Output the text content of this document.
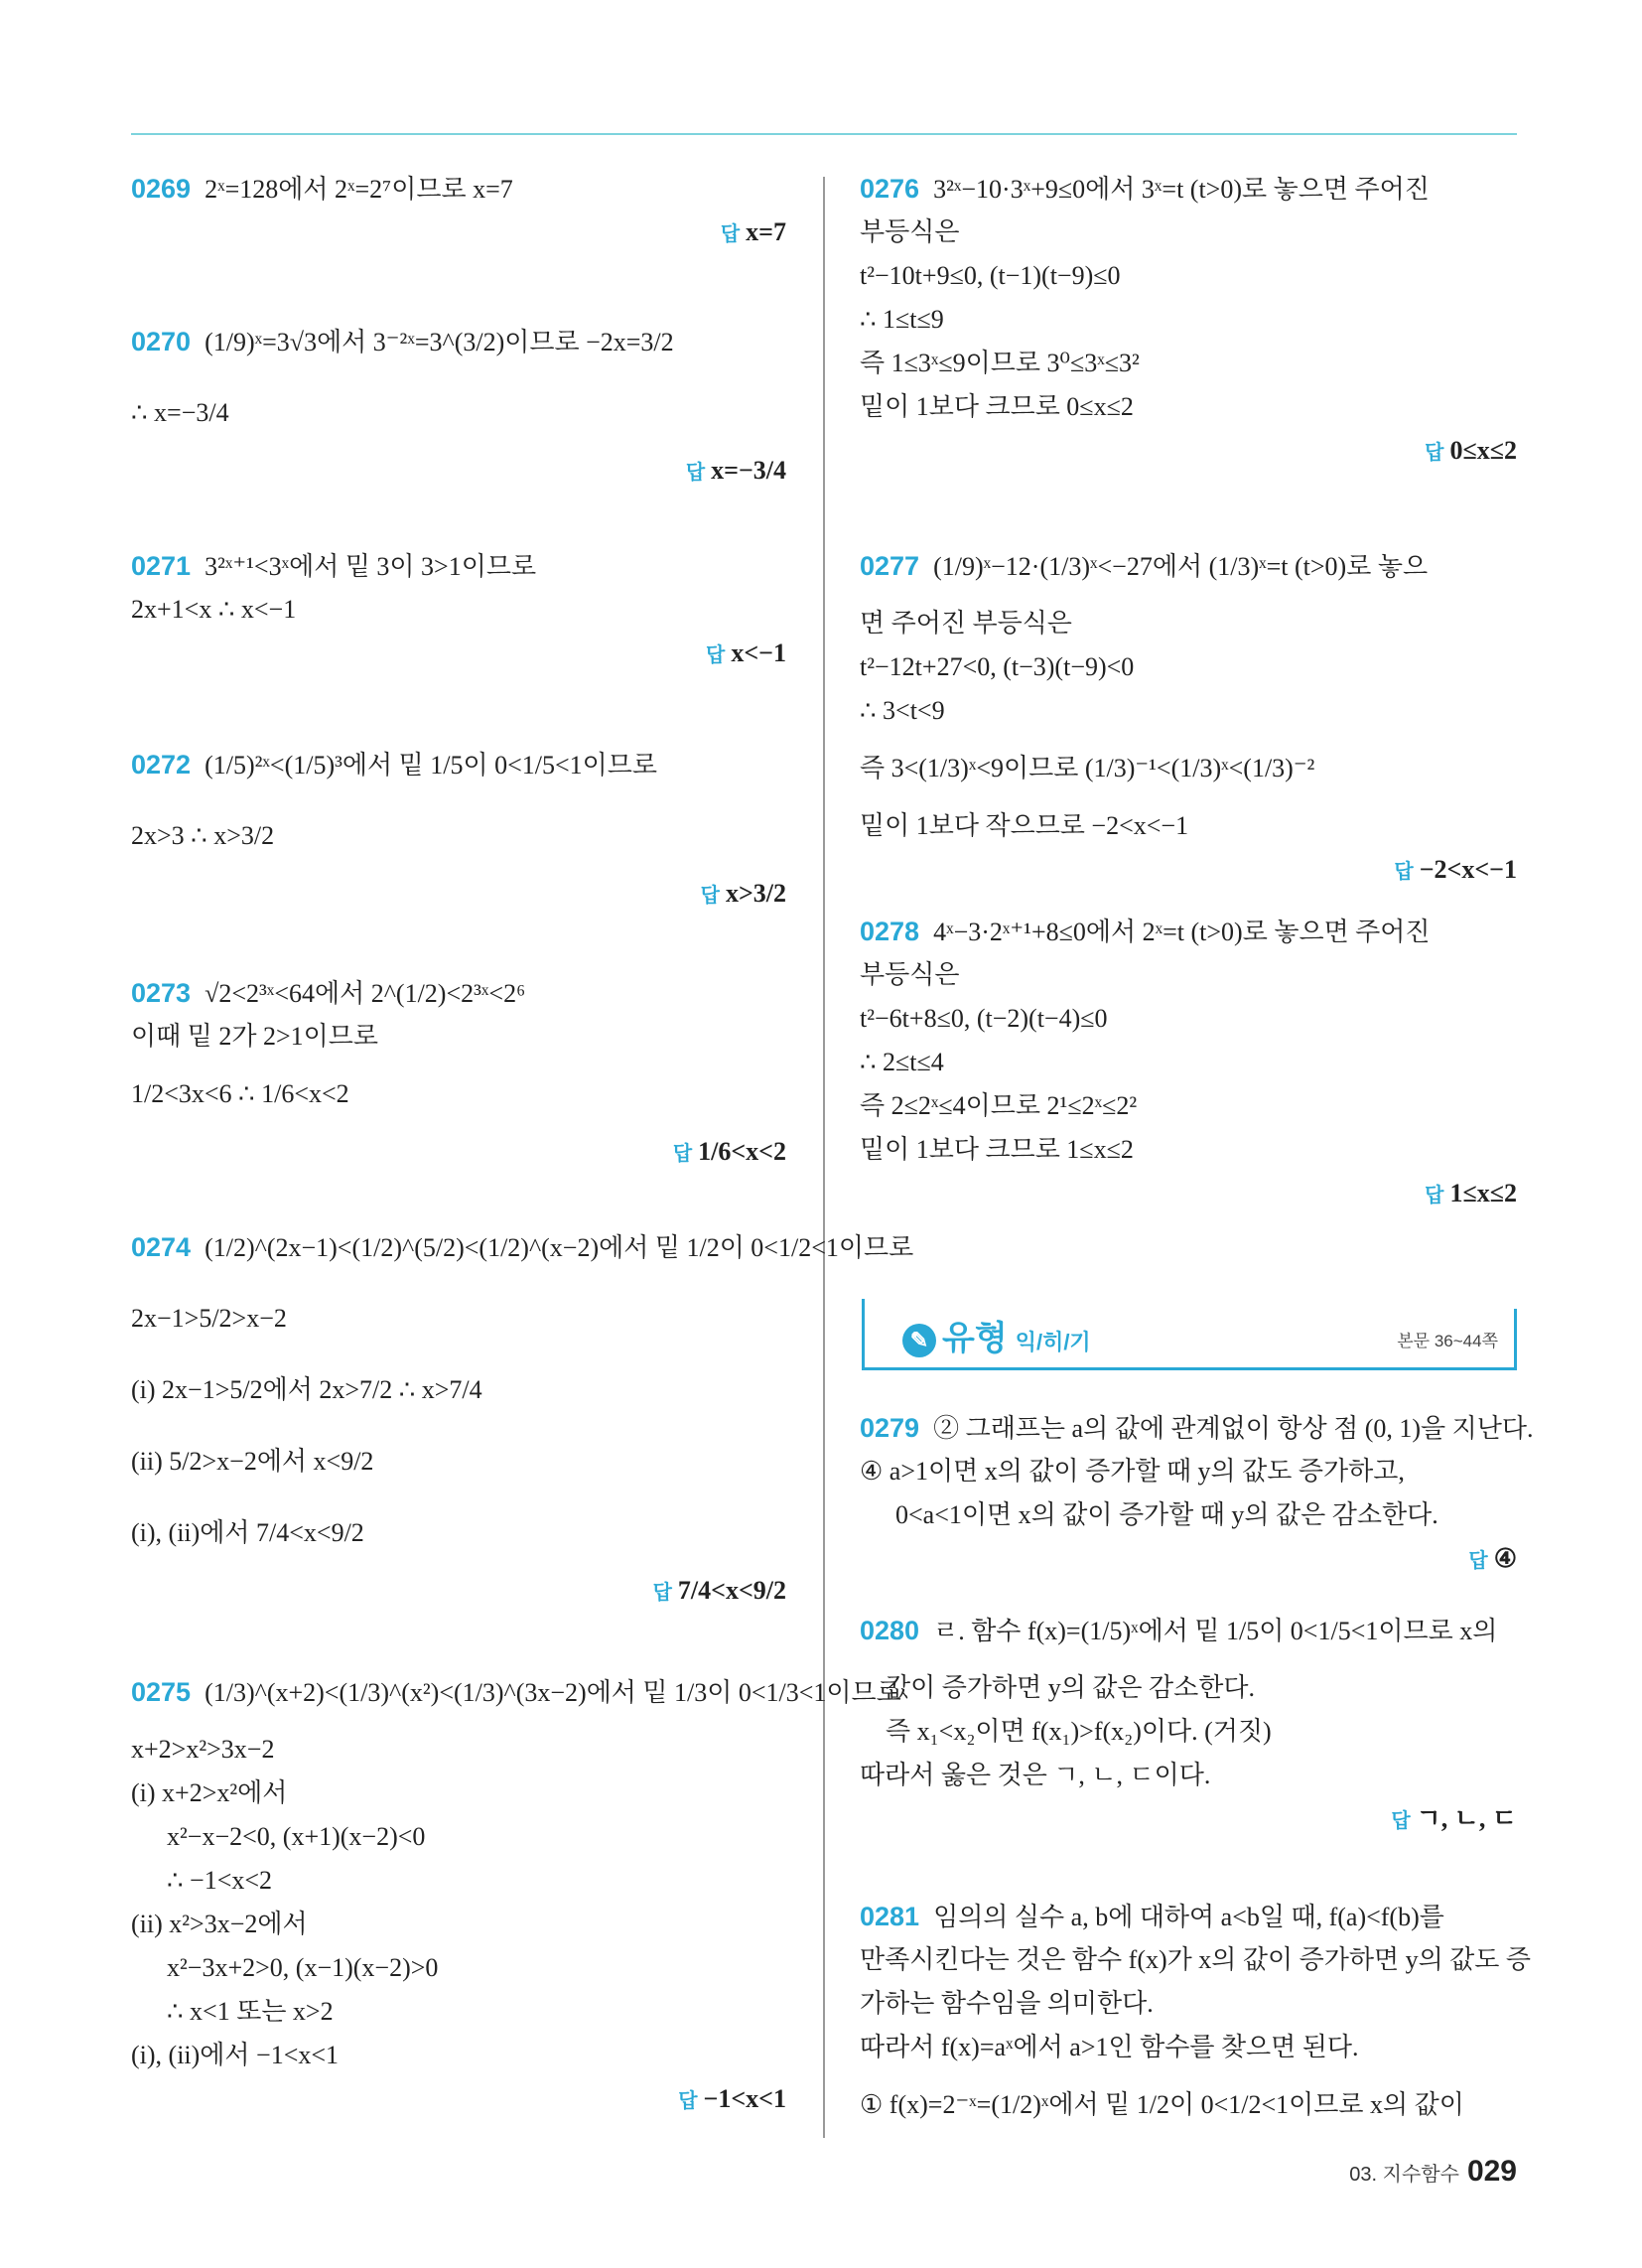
0269 2ˣ=128에서 2ˣ=2⁷이므로 x=7
답 x=7
0270 (1/9)ˣ=3√3에서 3⁻²ˣ=3^(3/2)이므로 −2x=3/2
∴ x=−3/4
답 x=−3/4
0271 3²ˣ⁺¹<3ˣ에서 밑 3이 3>1이므로
2x+1<x ∴ x<−1
답 x<−1
0272 (1/5)²ˣ<(1/5)³에서 밑 1/5이 0<1/5<1이므로
2x>3 ∴ x>3/2
답 x>3/2
0273 √2<2³ˣ<64에서 2^(1/2)<2³ˣ<2⁶
이때 밑 2가 2>1이므로
1/2<3x<6 ∴ 1/6<x<2
답 1/6<x<2
0274 (1/2)^(2x−1)<(1/2)^(5/2)<(1/2)^(x−2)에서 밑 1/2이 0<1/2<1이므로
2x−1>5/2>x−2
(i) 2x−1>5/2에서 2x>7/2 ∴ x>7/4
(ii) 5/2>x−2에서 x<9/2
(i), (ii)에서 7/4<x<9/2
답 7/4<x<9/2
0275 (1/3)^(x+2)<(1/3)^(x²)<(1/3)^(3x−2)에서 밑 1/3이 0<1/3<1이므로
x+2>x²>3x−2
(i) x+2>x²에서
x²−x−2<0, (x+1)(x−2)<0
∴ −1<x<2
(ii) x²>3x−2에서
x²−3x+2>0, (x−1)(x−2)>0
∴ x<1 또는 x>2
(i), (ii)에서 −1<x<1
답 −1<x<1
0276 3²ˣ−10·3ˣ+9≤0에서 3ˣ=t (t>0)로 놓으면 주어진
부등식은
t²−10t+9≤0, (t−1)(t−9)≤0
∴ 1≤t≤9
즉 1≤3ˣ≤9이므로 3⁰≤3ˣ≤3²
밑이 1보다 크므로 0≤x≤2
답 0≤x≤2
0277 (1/9)ˣ−12·(1/3)ˣ<−27에서 (1/3)ˣ=t (t>0)로 놓으
면 주어진 부등식은
t²−12t+27<0, (t−3)(t−9)<0
∴ 3<t<9
즉 3<(1/3)ˣ<9이므로 (1/3)⁻¹<(1/3)ˣ<(1/3)⁻²
밑이 1보다 작으므로 −2<x<−1
답 −2<x<−1
0278 4ˣ−3·2ˣ⁺¹+8≤0에서 2ˣ=t (t>0)로 놓으면 주어진
부등식은
t²−6t+8≤0, (t−2)(t−4)≤0
∴ 2≤t≤4
즉 2≤2ˣ≤4이므로 2¹≤2ˣ≤2²
밑이 1보다 크므로 1≤x≤2
답 1≤x≤2
0279 ② 그래프는 a의 값에 관계없이 항상 점 (0, 1)을 지난다.
④ a>1이면 x의 값이 증가할 때 y의 값도 증가하고,
0<a<1이면 x의 값이 증가할 때 y의 값은 감소한다.
답 ④
0280 ㄹ. 함수 f(x)=(1/5)ˣ에서 밑 1/5이 0<1/5<1이므로 x의
값이 증가하면 y의 값은 감소한다.
즉 x₁<x₂이면 f(x₁)>f(x₂)이다. (거짓)
따라서 옳은 것은 ㄱ, ㄴ, ㄷ이다.
답 ㄱ, ㄴ, ㄷ
0281 임의의 실수 a, b에 대하여 a<b일 때, f(a)<f(b)를
만족시킨다는 것은 함수 f(x)가 x의 값이 증가하면 y의 값도 증
가하는 함수임을 의미한다.
따라서 f(x)=aˣ에서 a>1인 함수를 찾으면 된다.
① f(x)=2⁻ˣ=(1/2)ˣ에서 밑 1/2이 0<1/2<1이므로 x의 값이
✎ 유형 익/히/기	본문 36~44쪽
03. 지수함수 029
